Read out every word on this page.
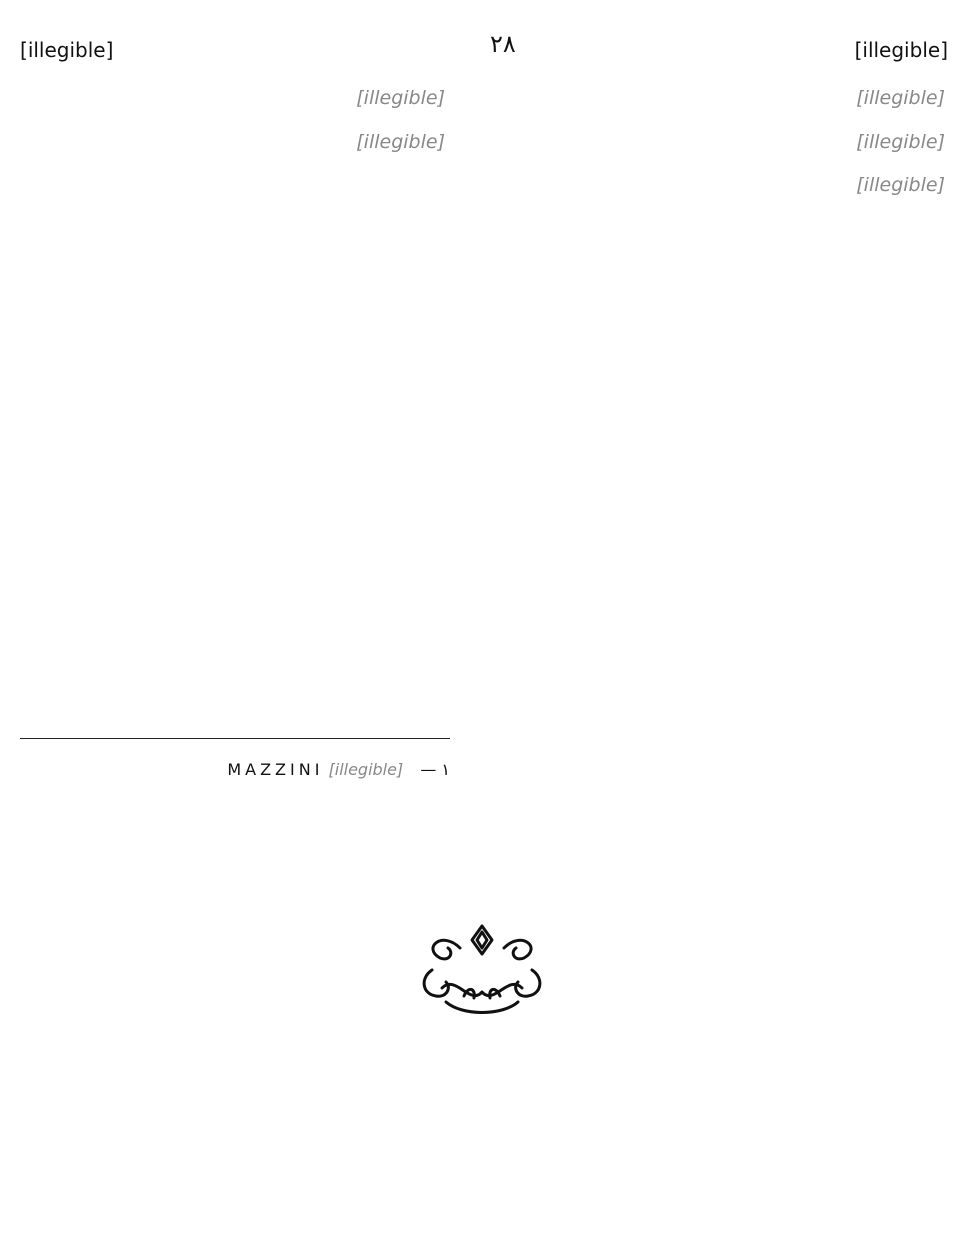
[illegible]	۲۸	[illegible]

[illegible]

[illegible]

[illegible]

[illegible]

[illegible]

۱ — MAZZINI [illegible]
